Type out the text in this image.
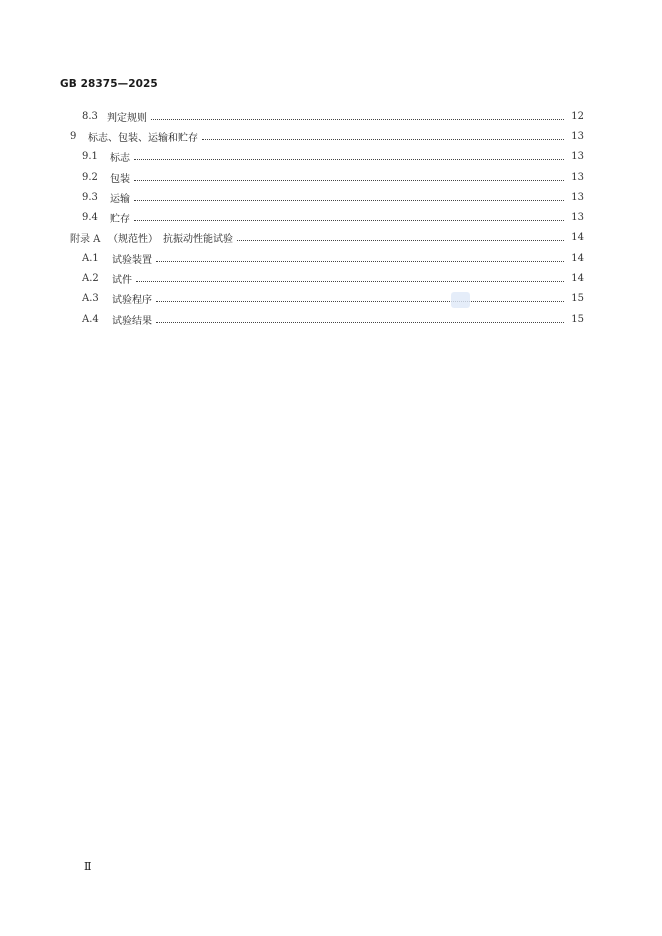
GB 28375—2025
8.3 判定规则	12
9	标志、包装、运输和贮存	13
9.1	标志	13
9.2	包装	13
9.3	运输	13
9.4	贮存	13
附录 A （规范性）　抗振动性能试验	14
A.1	试验装置	14
A.2	试件	14
A.3	试验程序	15
A.4	试验结果	15
Ⅱ
